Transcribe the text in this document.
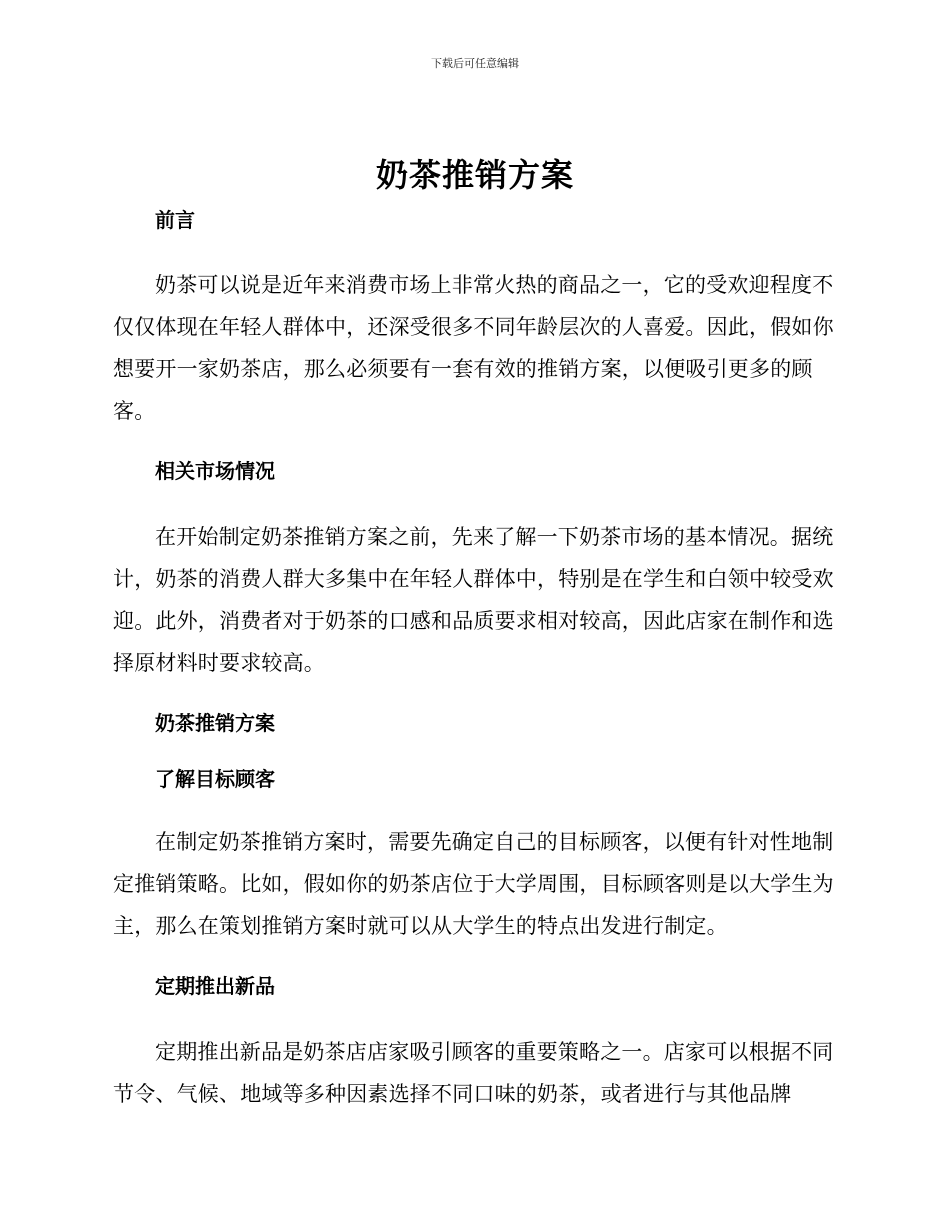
下载后可任意编辑
奶茶推销方案
前言

奶茶可以说是近年来消费市场上非常火热的商品之一，它的受欢迎程度不仅仅体现在年轻人群体中，还深受很多不同年龄层次的人喜爱。因此，假如你想要开一家奶茶店，那么必须要有一套有效的推销方案，以便吸引更多的顾客。

相关市场情况

在开始制定奶茶推销方案之前，先来了解一下奶茶市场的基本情况。据统计，奶茶的消费人群大多集中在年轻人群体中，特别是在学生和白领中较受欢迎。此外，消费者对于奶茶的口感和品质要求相对较高，因此店家在制作和选择原材料时要求较高。

奶茶推销方案
了解目标顾客

在制定奶茶推销方案时，需要先确定自己的目标顾客，以便有针对性地制定推销策略。比如，假如你的奶茶店位于大学周围，目标顾客则是以大学生为主，那么在策划推销方案时就可以从大学生的特点出发进行制定。

定期推出新品

定期推出新品是奶茶店店家吸引顾客的重要策略之一。店家可以根据不同节令、气候、地域等多种因素选择不同口味的奶茶，或者进行与其他品牌
